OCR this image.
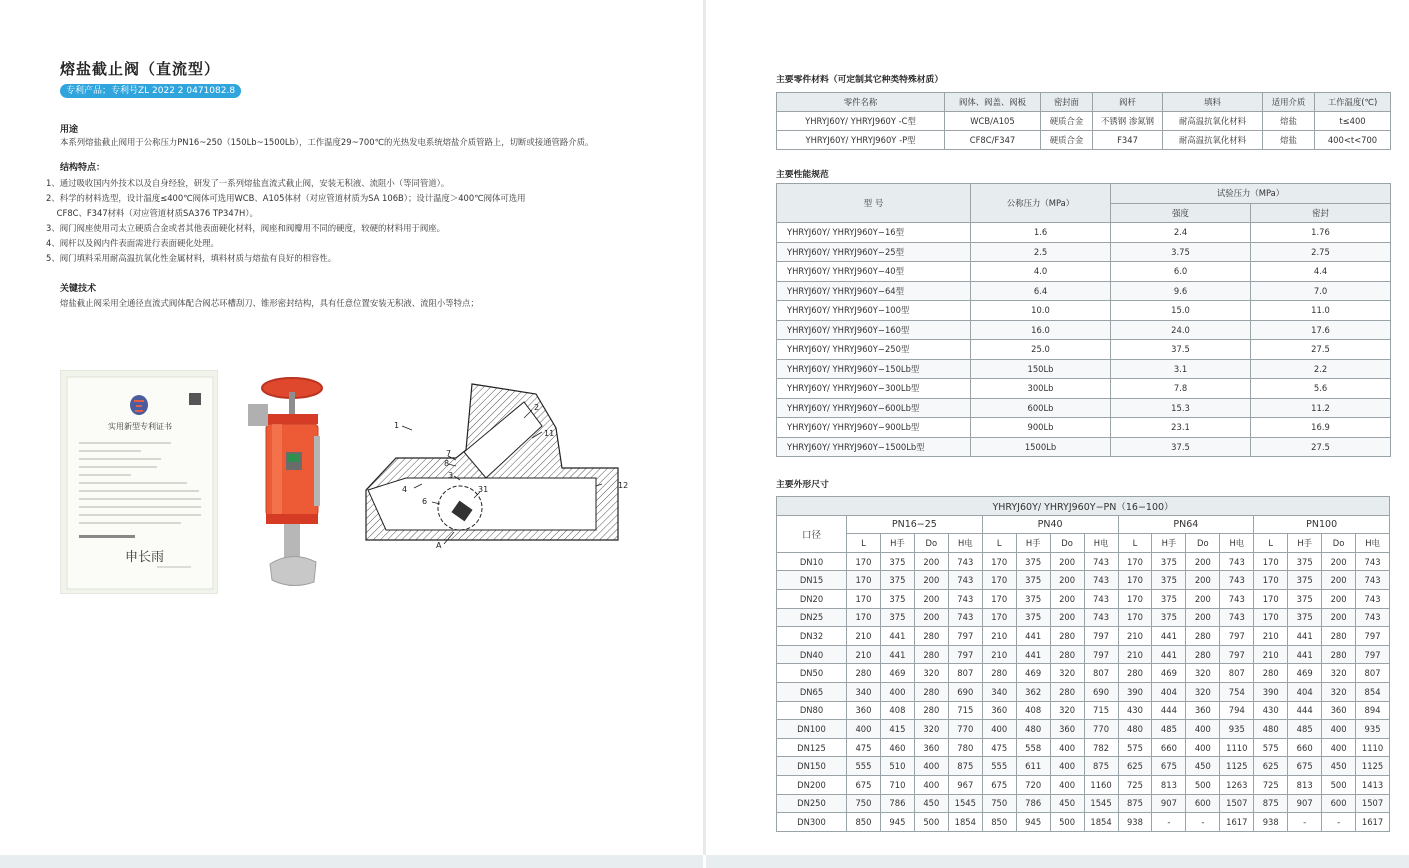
熔盐截止阀（直流型）
专利产品；专利号ZL 2022 2 0471082.8
用途
本系列熔盐截止阀用于公称压力PN16~250（150Lb~1500Lb），工作温度29~700℃的光热发电系统熔盐介质管路上，切断或接通管路介质。
结构特点：
1、通过吸收国内外技术以及自身经验，研发了一系列熔盐直流式截止阀，安装无积液、流阻小（等同管道）。
2、科学的材料选型，设计温度≤400℃阀体可选用WCB、A105体材（对应管道材质为SA 106B）；设计温度＞400℃阀体可选用
CF8C、F347材料（对应管道材质SA376 TP347H）。
3、阀门阀座使用司太立硬质合金或者其他表面硬化材料，阀座和阀瓣用不同的硬度，较硬的材料用于阀座。
4、阀杆以及阀内件表面需进行表面硬化处理。
5、阀门填料采用耐高温抗氧化性金属材料，填料材质与熔盐有良好的相容性。
关键技术
熔盐截止阀采用全通径直流式阀体配合阀芯环槽刮刀、锥形密封结构，具有任意位置安装无积液、流阻小等特点；
实用新型专利证书
申长雨
1
2
11
7
8
3
4
6
31	12
A
主要零件材料（可定制其它种类特殊材质）
零件名称	阀体、阀盖、阀板	密封面	阀杆	填料	适用介质	工作温度(℃)
YHRYJ60Y/ YHRYJ960Y -C型	WCB/A105	硬质合金	不锈钢 渗氮钢	耐高温抗氧化材料	熔盐	t≤400
YHRYJ60Y/ YHRYJ960Y -P型	CF8C/F347	硬质合金	F347	耐高温抗氧化材料	熔盐	400<t<700
主要性能规范
型 号	公称压力（MPa）	试验压力（MPa）	
		强度	密封
YHRYJ60Y/ YHRYJ960Y−16型	1.6	2.4	1.76
YHRYJ60Y/ YHRYJ960Y−25型	2.5	3.75	2.75
YHRYJ60Y/ YHRYJ960Y−40型	4.0	6.0	4.4
YHRYJ60Y/ YHRYJ960Y−64型	6.4	9.6	7.0
YHRYJ60Y/ YHRYJ960Y−100型	10.0	15.0	11.0
YHRYJ60Y/ YHRYJ960Y−160型	16.0	24.0	17.6
YHRYJ60Y/ YHRYJ960Y−250型	25.0	37.5	27.5
YHRYJ60Y/ YHRYJ960Y−150Lb型	150Lb	3.1	2.2
YHRYJ60Y/ YHRYJ960Y−300Lb型	300Lb	7.8	5.6
YHRYJ60Y/ YHRYJ960Y−600Lb型	600Lb	15.3	11.2
YHRYJ60Y/ YHRYJ960Y−900Lb型	900Lb	23.1	16.9
YHRYJ60Y/ YHRYJ960Y−1500Lb型	1500Lb	37.5	27.5
主要外形尺寸
YHRYJ60Y/ YHRYJ960Y−PN（16−100）																
口径	PN16−25				PN40				PN64				PN100			
	L	H手	Do	H电	L	H手	Do	H电	L	H手	Do	H电	L	H手	Do	H电
DN10	170	375	200	743	170	375	200	743	170	375	200	743	170	375	200	743
DN15	170	375	200	743	170	375	200	743	170	375	200	743	170	375	200	743
DN20	170	375	200	743	170	375	200	743	170	375	200	743	170	375	200	743
DN25	170	375	200	743	170	375	200	743	170	375	200	743	170	375	200	743
DN32	210	441	280	797	210	441	280	797	210	441	280	797	210	441	280	797
DN40	210	441	280	797	210	441	280	797	210	441	280	797	210	441	280	797
DN50	280	469	320	807	280	469	320	807	280	469	320	807	280	469	320	807
DN65	340	400	280	690	340	362	280	690	390	404	320	754	390	404	320	854
DN80	360	408	280	715	360	408	320	715	430	444	360	794	430	444	360	894
DN100	400	415	320	770	400	480	360	770	480	485	400	935	480	485	400	935
DN125	475	460	360	780	475	558	400	782	575	660	400	1110	575	660	400	1110
DN150	555	510	400	875	555	611	400	875	625	675	450	1125	625	675	450	1125
DN200	675	710	400	967	675	720	400	1160	725	813	500	1263	725	813	500	1413
DN250	750	786	450	1545	750	786	450	1545	875	907	600	1507	875	907	600	1507
DN300	850	945	500	1854	850	945	500	1854	938	-	-	1617	938	-	-	1617
